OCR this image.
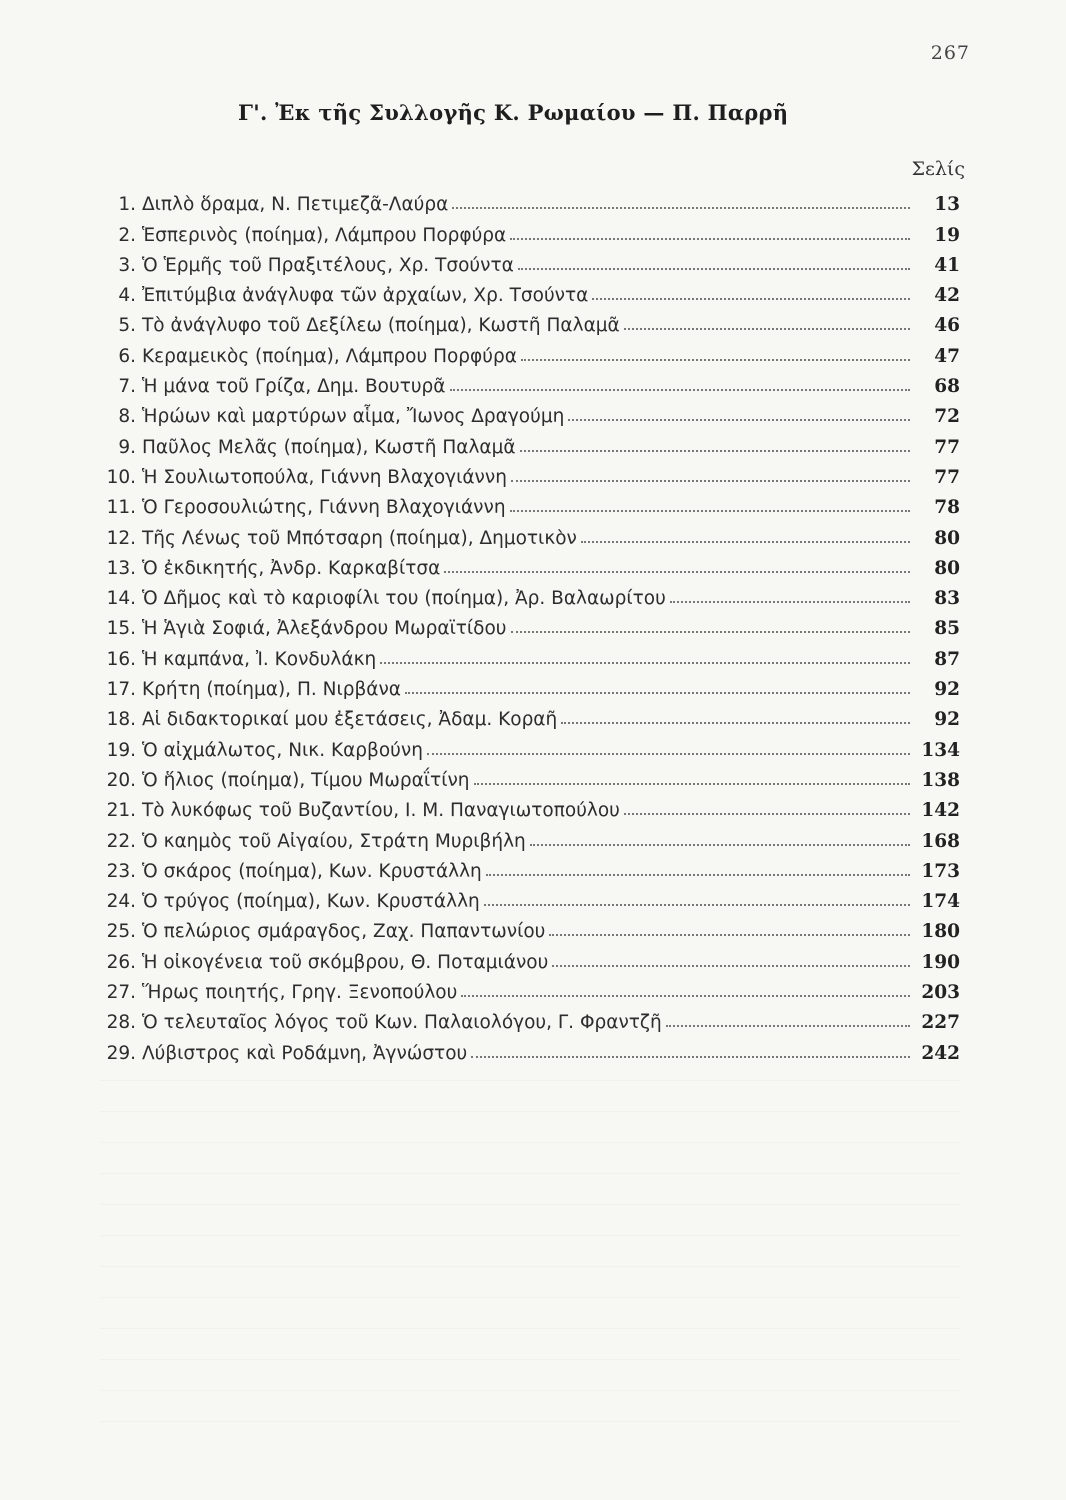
267
Γ'. Ἐκ τῆς Συλλογῆς Κ. Ρωμαίου — Π. Παρρῆ
Σελίς
1. Διπλὸ ὅραμα, Ν. Πετιμεζᾶ-Λαύρα	13
2. Ἑσπερινὸς (ποίημα), Λάμπρου Πορφύρα	19
3. Ὁ Ἑρμῆς τοῦ Πραξιτέλους, Χρ. Τσούντα	41
4. Ἐπιτύμβια ἀνάγλυφα τῶν ἀρχαίων, Χρ. Τσούντα	42
5. Τὸ ἀνάγλυφο τοῦ Δεξίλεω (ποίημα), Κωστῆ Παλαμᾶ	46
6. Κεραμεικὸς (ποίημα), Λάμπρου Πορφύρα	47
7. Ἡ μάνα τοῦ Γρίζα, Δημ. Βουτυρᾶ	68
8. Ἡρώων καὶ μαρτύρων αἷμα, Ἴωνος Δραγούμη	72
9. Παῦλος Μελᾶς (ποίημα), Κωστῆ Παλαμᾶ	77
10. Ἡ Σουλιωτοπούλα, Γιάννη Βλαχογιάννη	77
11. Ὁ Γεροσουλιώτης, Γιάννη Βλαχογιάννη	78
12. Τῆς Λένως τοῦ Μπότσαρη (ποίημα), Δημοτικὸν	80
13. Ὁ ἐκδικητής, Ἀνδρ. Καρκαβίτσα	80
14. Ὁ Δῆμος καὶ τὸ καριοφίλι του (ποίημα), Ἀρ. Βαλαωρίτου	83
15. Ἡ Ἁγιὰ Σοφιά, Ἀλεξάνδρου Μωραϊτίδου	85
16. Ἡ καμπάνα, Ἰ. Κονδυλάκη	87
17. Κρήτη (ποίημα), Π. Νιρβάνα	92
18. Αἱ διδακτορικαί μου ἐξετάσεις, Ἀδαμ. Κοραῆ	92
19. Ὁ αἰχμάλωτος, Νικ. Καρβούνη	134
20. Ὁ ἥλιος (ποίημα), Τίμου Μωραΐτίνη	138
21. Τὸ λυκόφως τοῦ Βυζαντίου, Ι. Μ. Παναγιωτοπούλου	142
22. Ὁ καημὸς τοῦ Αἰγαίου, Στράτη Μυριβήλη	168
23. Ὁ σκάρος (ποίημα), Κων. Κρυστάλλη	173
24. Ὁ τρύγος (ποίημα), Κων. Κρυστάλλη	174
25. Ὁ πελώριος σμάραγδος, Ζαχ. Παπαντωνίου	180
26. Ἡ οἰκογένεια τοῦ σκόμβρου, Θ. Ποταμιάνου	190
27. Ἥρως ποιητής, Γρηγ. Ξενοπούλου	203
28. Ὁ τελευταῖος λόγος τοῦ Κων. Παλαιολόγου, Γ. Φραντζῆ	227
29. Λύβιστρος καὶ Ροδάμνη, Ἀγνώστου	242
